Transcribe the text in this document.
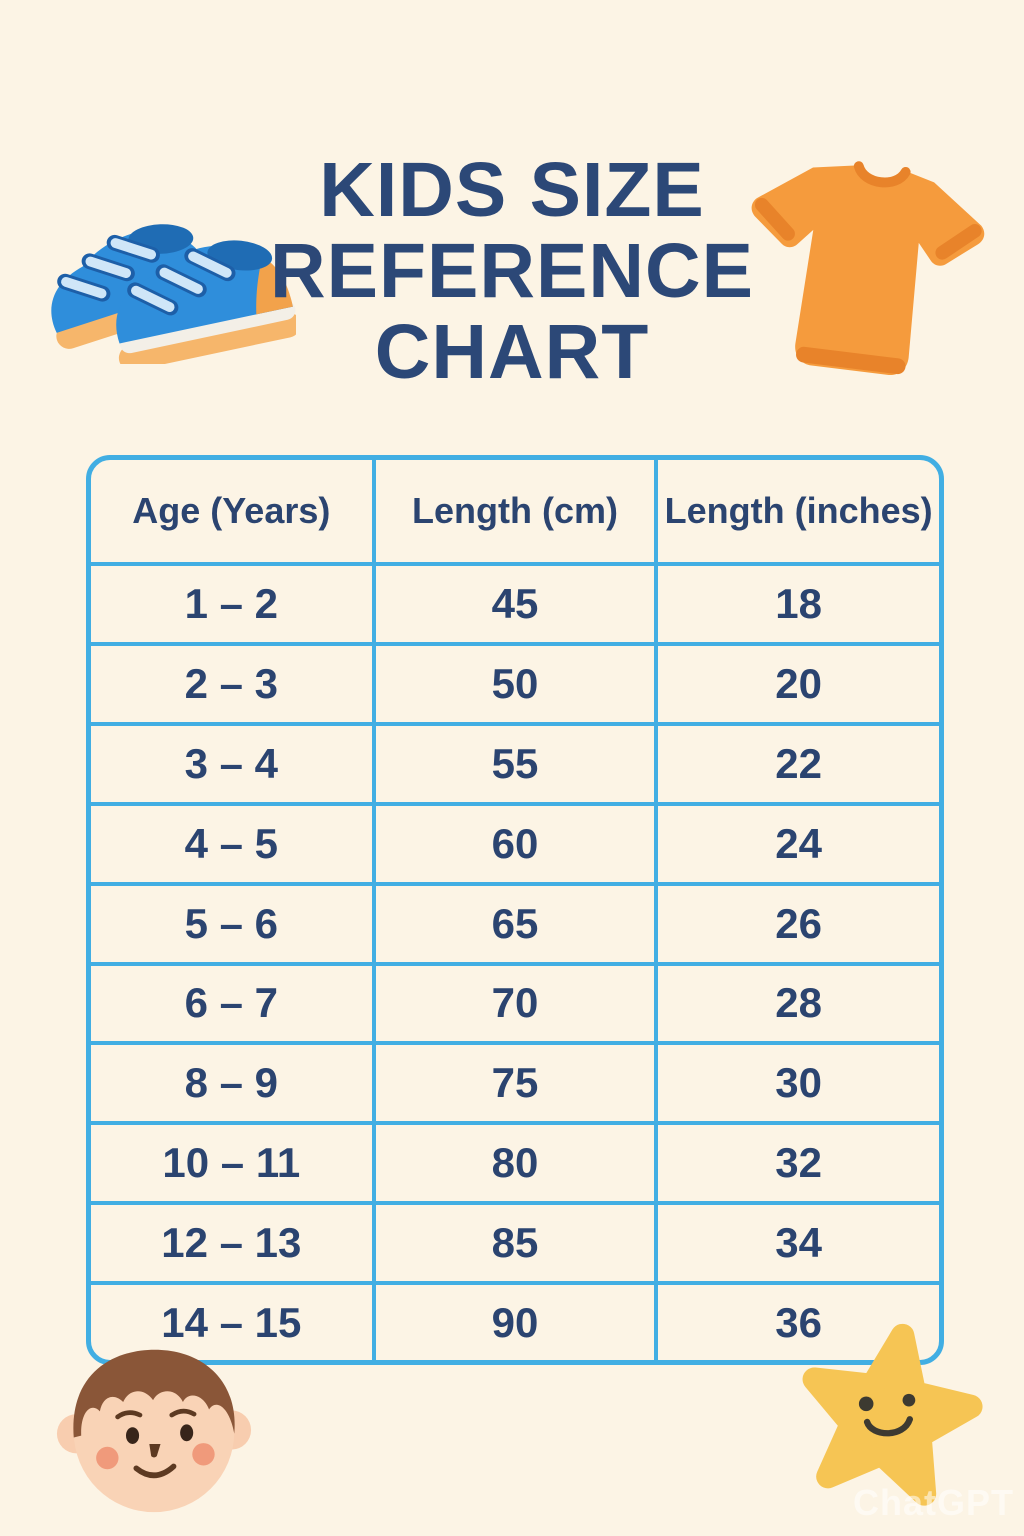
KIDS SIZE
REFERENCE
CHART
Age (Years)	Length (cm)	Length (inches)
1 – 2	45	18
2 – 3	50	20
3 – 4	55	22
4 – 5	60	24
5 – 6	65	26
6 – 7	70	28
8 – 9	75	30
10 – 11	80	32
12 – 13	85	34
14 – 15	90	36
ChatGPT
